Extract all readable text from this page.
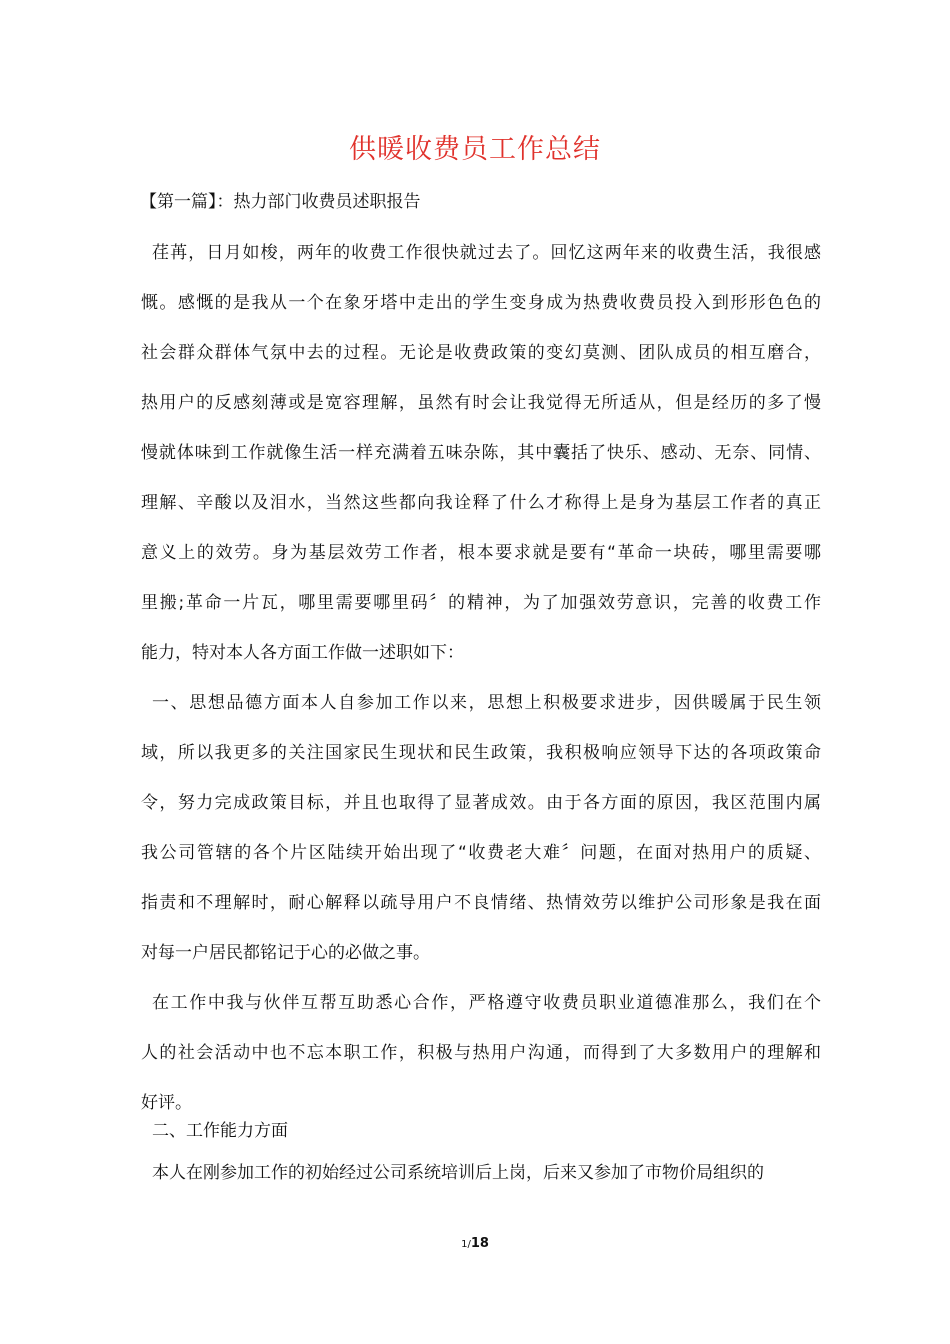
供暖收费员工作总结
【第一篇】：热力部门收费员述职报告
荏苒，日月如梭，两年的收费工作很快就过去了。回忆这两年来的收费生活，我很感
慨。感慨的是我从一个在象牙塔中走出的学生变身成为热费收费员投入到形形色色的
社会群众群体气氛中去的过程。无论是收费政策的变幻莫测、团队成员的相互磨合，
热用户的反感刻薄或是宽容理解，虽然有时会让我觉得无所适从，但是经历的多了慢
慢就体味到工作就像生活一样充满着五味杂陈，其中囊括了快乐、感动、无奈、同情、
理解、辛酸以及泪水，当然这些都向我诠释了什么才称得上是身为基层工作者的真正
意义上的效劳。身为基层效劳工作者，根本要求就是要有“革命一块砖，哪里需要哪
里搬;革命一片瓦，哪里需要哪里码〞的精神，为了加强效劳意识，完善的收费工作
能力，特对本人各方面工作做一述职如下：
一、思想品德方面本人自参加工作以来，思想上积极要求进步，因供暖属于民生领
域，所以我更多的关注国家民生现状和民生政策，我积极响应领导下达的各项政策命
令，努力完成政策目标，并且也取得了显著成效。由于各方面的原因，我区范围内属
我公司管辖的各个片区陆续开始出现了“收费老大难〞问题，在面对热用户的质疑、
指责和不理解时，耐心解释以疏导用户不良情绪、热情效劳以维护公司形象是我在面
对每一户居民都铭记于心的必做之事。
在工作中我与伙伴互帮互助悉心合作，严格遵守收费员职业道德准那么，我们在个
人的社会活动中也不忘本职工作，积极与热用户沟通，而得到了大多数用户的理解和
好评。
二、工作能力方面
本人在刚参加工作的初始经过公司系统培训后上岗，后来又参加了市物价局组织的
1/18
